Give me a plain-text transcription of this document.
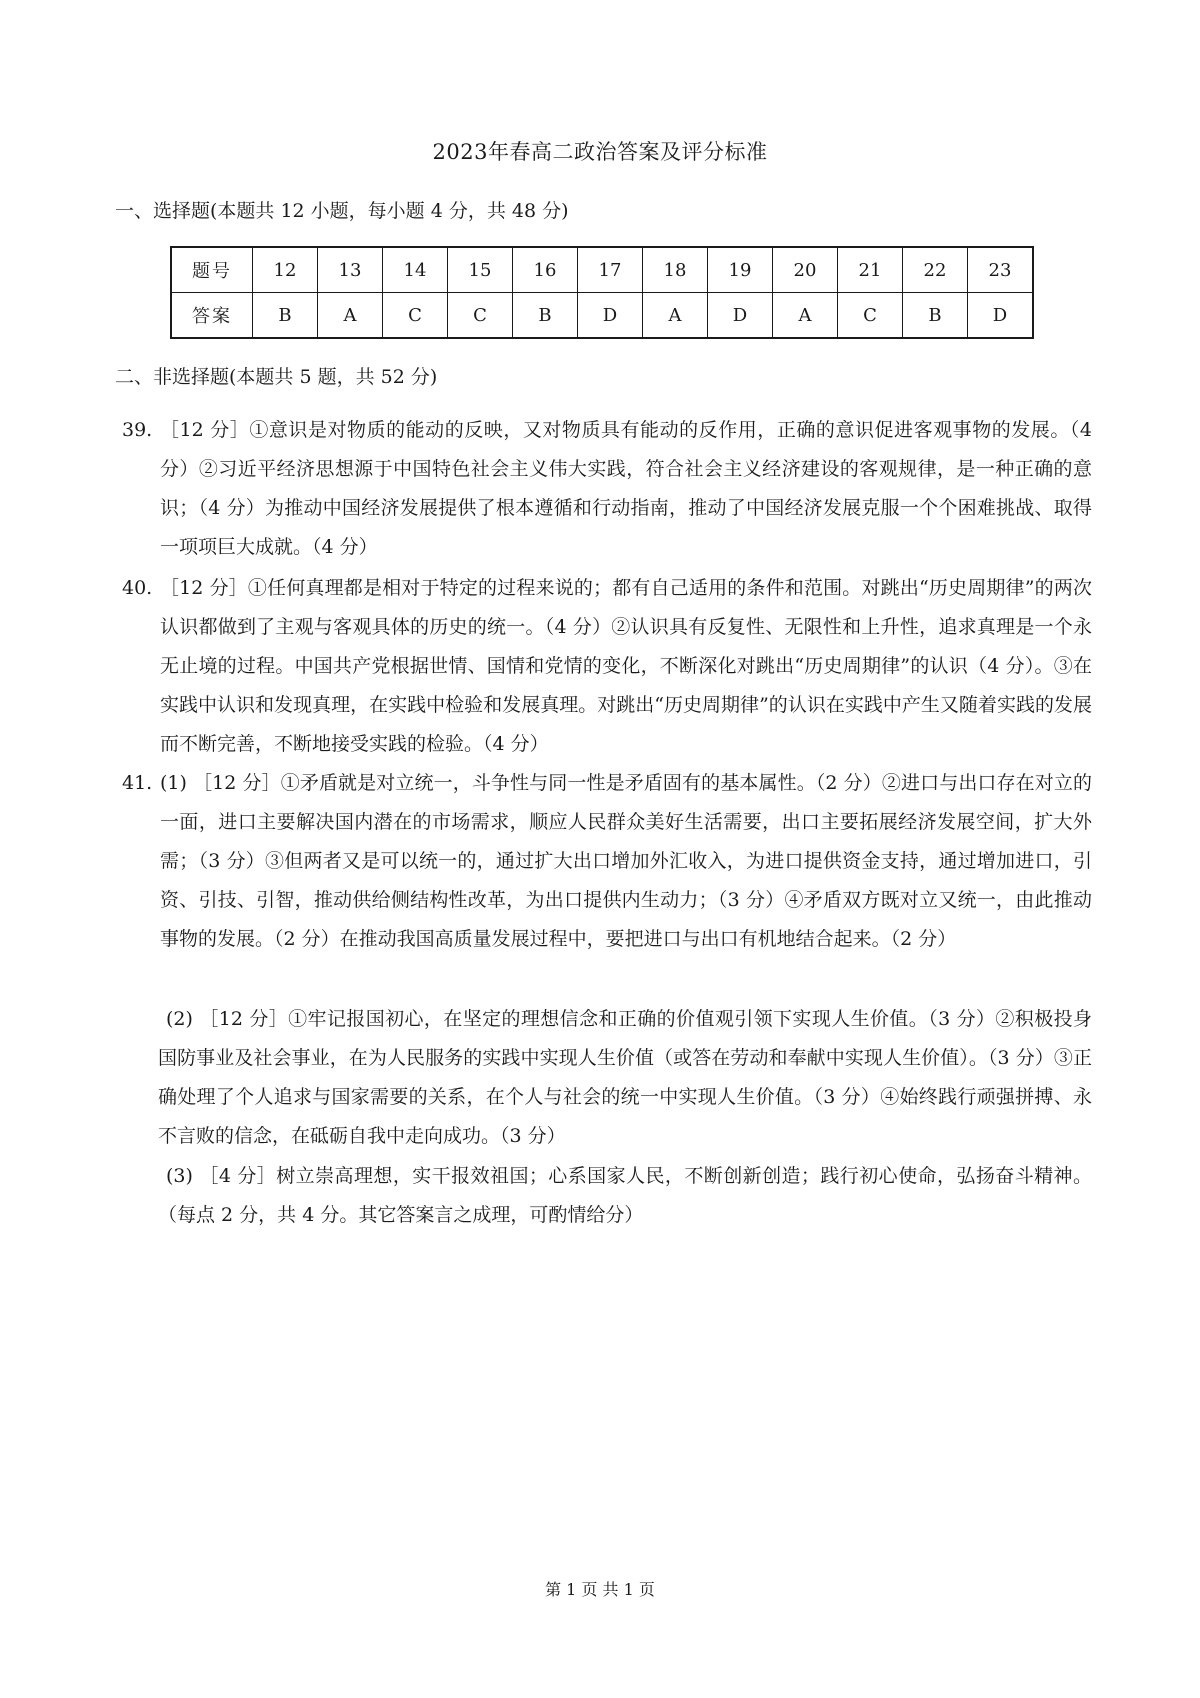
2023年春高二政治答案及评分标准
一、选择题(本题共 12 小题，每小题 4 分，共 48 分)
题号	12	13	14	15	16	17	18	19	20	21	22	23
答案	B	A	C	C	B	D	A	D	A	C	B	D
二、非选择题(本题共 5 题，共 52 分)
39. ［12 分］①意识是对物质的能动的反映，又对物质具有能动的反作用，正确的意识促进客观事物的发展。（4 分）②习近平经济思想源于中国特色社会主义伟大实践，符合社会主义经济建设的客观规律，是一种正确的意识；（4 分）为推动中国经济发展提供了根本遵循和行动指南，推动了中国经济发展克服一个个困难挑战、取得一项项巨大成就。（4 分）
40. ［12 分］①任何真理都是相对于特定的过程来说的；都有自己适用的条件和范围。对跳出“历史周期律”的两次认识都做到了主观与客观具体的历史的统一。（4 分）②认识具有反复性、无限性和上升性，追求真理是一个永无止境的过程。中国共产党根据世情、国情和党情的变化，不断深化对跳出“历史周期律”的认识（4 分）。③在实践中认识和发现真理，在实践中检验和发展真理。对跳出“历史周期律”的认识在实践中产生又随着实践的发展而不断完善，不断地接受实践的检验。（4 分）
41. (1) ［12 分］①矛盾就是对立统一，斗争性与同一性是矛盾固有的基本属性。（2 分）②进口与出口存在对立的一面，进口主要解决国内潜在的市场需求，顺应人民群众美好生活需要，出口主要拓展经济发展空间，扩大外需；（3 分）③但两者又是可以统一的，通过扩大出口增加外汇收入，为进口提供资金支持，通过增加进口，引资、引技、引智，推动供给侧结构性改革，为出口提供内生动力；（3 分）④矛盾双方既对立又统一，由此推动事物的发展。（2 分）在推动我国高质量发展过程中，要把进口与出口有机地结合起来。（2 分）
(2) ［12 分］①牢记报国初心，在坚定的理想信念和正确的价值观引领下实现人生价值。（3 分）②积极投身国防事业及社会事业，在为人民服务的实践中实现人生价值（或答在劳动和奉献中实现人生价值）。（3 分）③正确处理了个人追求与国家需要的关系，在个人与社会的统一中实现人生价值。（3 分）④始终践行顽强拼搏、永不言败的信念，在砥砺自我中走向成功。（3 分）
(3) ［4 分］树立崇高理想，实干报效祖国；心系国家人民，不断创新创造；践行初心使命，弘扬奋斗精神。（每点 2 分，共 4 分。其它答案言之成理，可酌情给分）
第 1 页 共 1 页
